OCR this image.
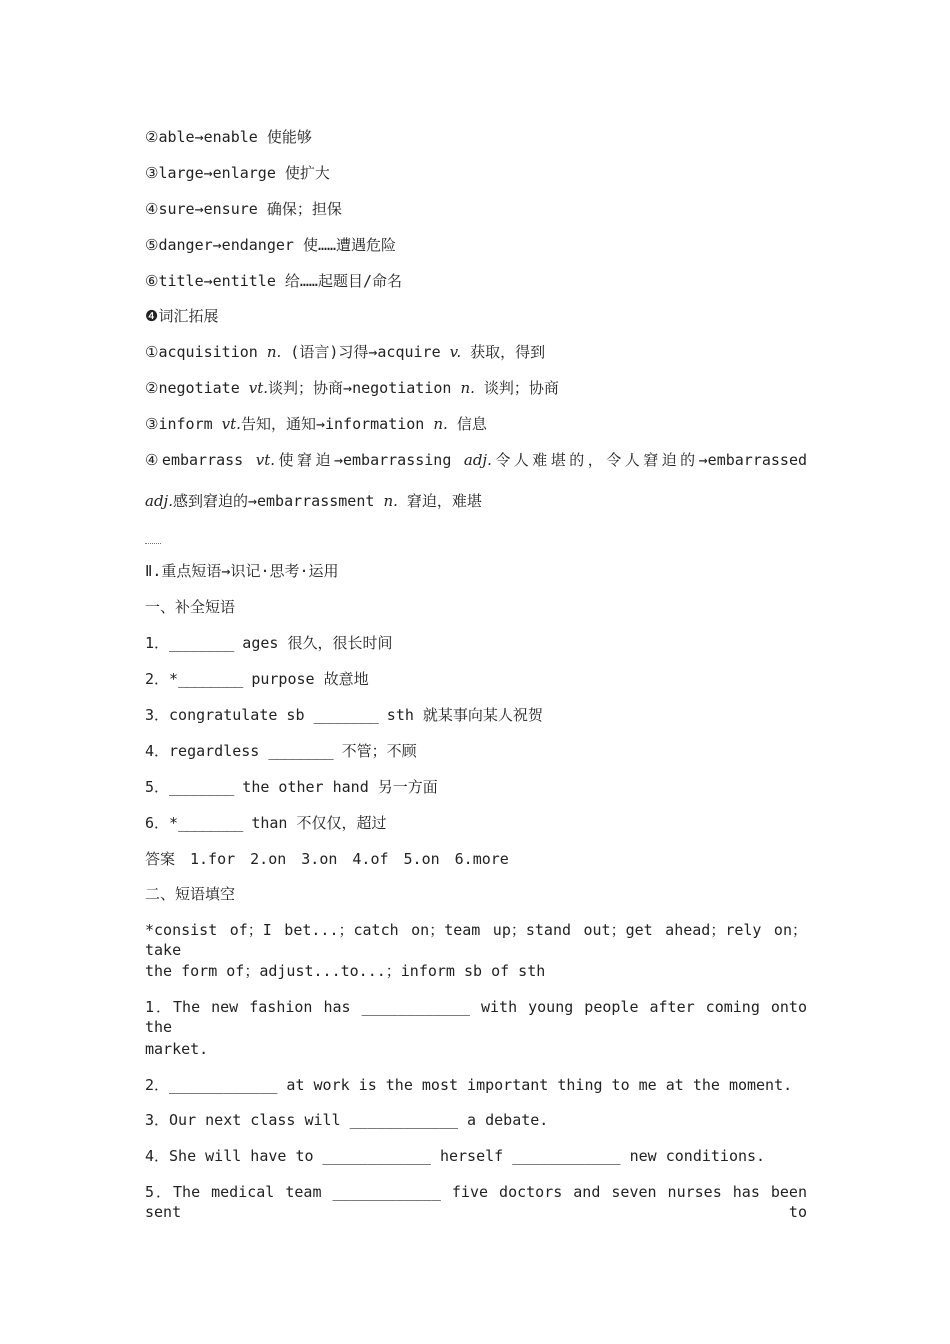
②able→enable 使能够
③large→enlarge 使扩大
④sure→ensure 确保；担保
⑤danger→endanger 使……遭遇危险
⑥title→entitle 给……起题目/命名
❹词汇拓展
①acquisition n. (语言)习得→acquire v. 获取，得到
②negotiate vt.谈判；协商→negotiation n. 谈判；协商
③inform vt.告知，通知→information n. 信息
④embarrass vt.使窘迫→embarrassing adj.令人难堪的，令人窘迫的→embarrassed
adj.感到窘迫的→embarrassment n. 窘迫，难堪
Ⅱ.重点短语→识记·思考·运用
一、补全短语
1．________ ages 很久，很长时间
2．*________ purpose 故意地
3．congratulate sb ________ sth 就某事向某人祝贺
4．regardless ________ 不管；不顾
5．________ the other hand 另一方面
6．*________ than 不仅仅，超过
答案　1.for　2.on　3.on　4.of　5.on　6.more
二、短语填空
*consist of；I bet...；catch on；team up；stand out；get ahead；rely on；take
the form of；adjust...to...；inform sb of sth
1．The new fashion has ____________ with young people after coming onto the
market.
2．____________ at work is the most important thing to me at the moment.
3．Our next class will ____________ a debate.
4．She will have to ____________ herself ____________ new conditions.
5．The medical team ____________ five doctors and seven nurses has been sent to
